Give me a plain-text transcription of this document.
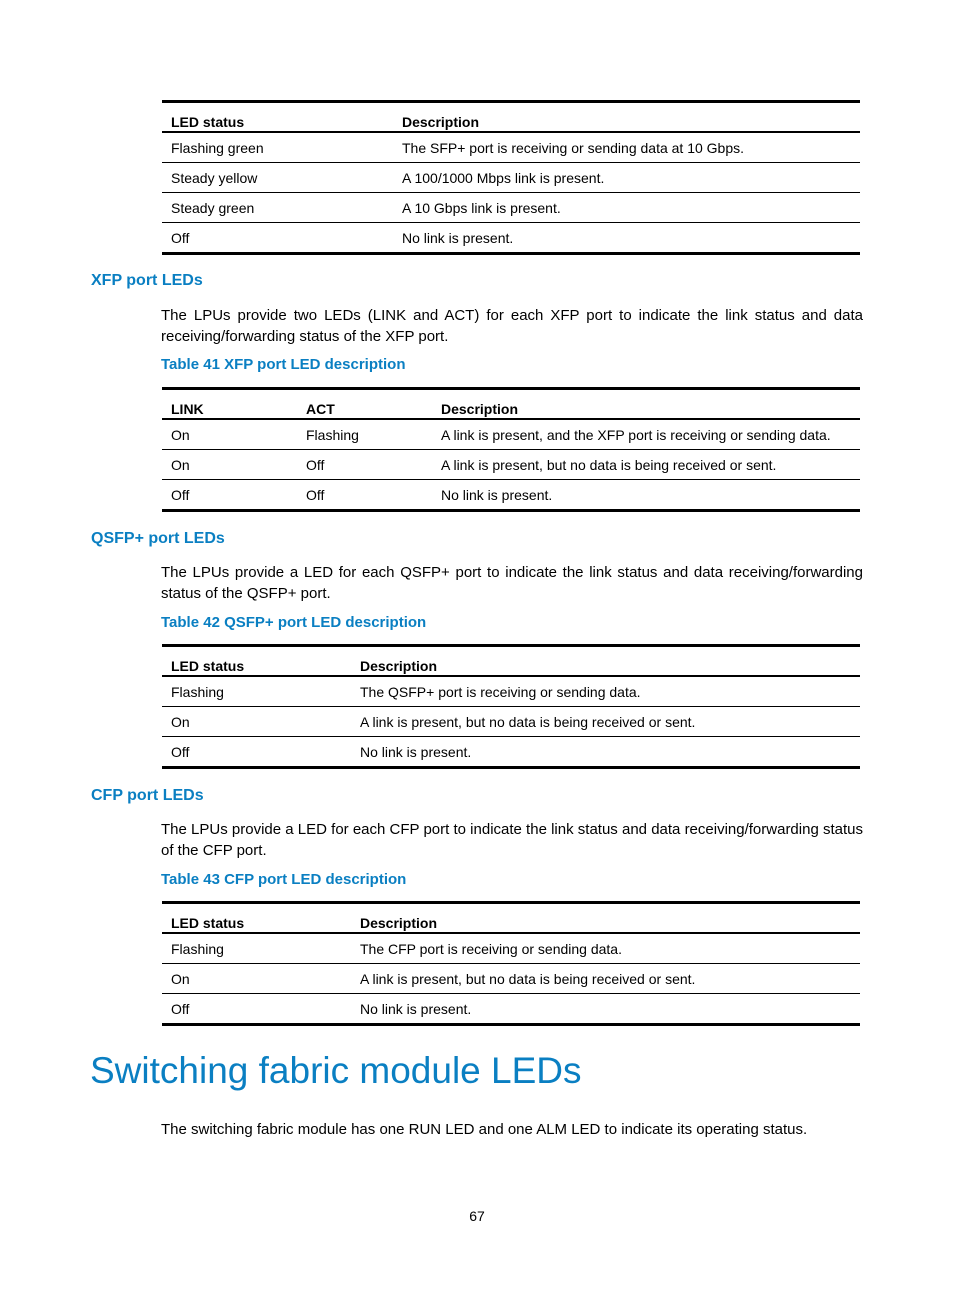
LED status	Description
Flashing green	The SFP+ port is receiving or sending data at 10 Gbps.
Steady yellow	A 100/1000 Mbps link is present.
Steady green	A 10 Gbps link is present.
Off	No link is present.
XFP port LEDs

The LPUs provide two LEDs (LINK and ACT) for each XFP port to indicate the link status and data receiving/forwarding status of the XFP port.

Table 41 XFP port LED description

LINK	ACT	Description
On	Flashing	A link is present, and the XFP port is receiving or sending data.
On	Off	A link is present, but no data is being received or sent.
Off	Off	No link is present.
QSFP+ port LEDs

The LPUs provide a LED for each QSFP+ port to indicate the link status and data receiving/forwarding status of the QSFP+ port.

Table 42 QSFP+ port LED description

LED status	Description
Flashing	The QSFP+ port is receiving or sending data.
On	A link is present, but no data is being received or sent.
Off	No link is present.
CFP port LEDs

The LPUs provide a LED for each CFP port to indicate the link status and data receiving/forwarding status of the CFP port.

Table 43 CFP port LED description

LED status	Description
Flashing	The CFP port is receiving or sending data.
On	A link is present, but no data is being received or sent.
Off	No link is present.
Switching fabric module LEDs

The switching fabric module has one RUN LED and one ALM LED to indicate its operating status.

67
